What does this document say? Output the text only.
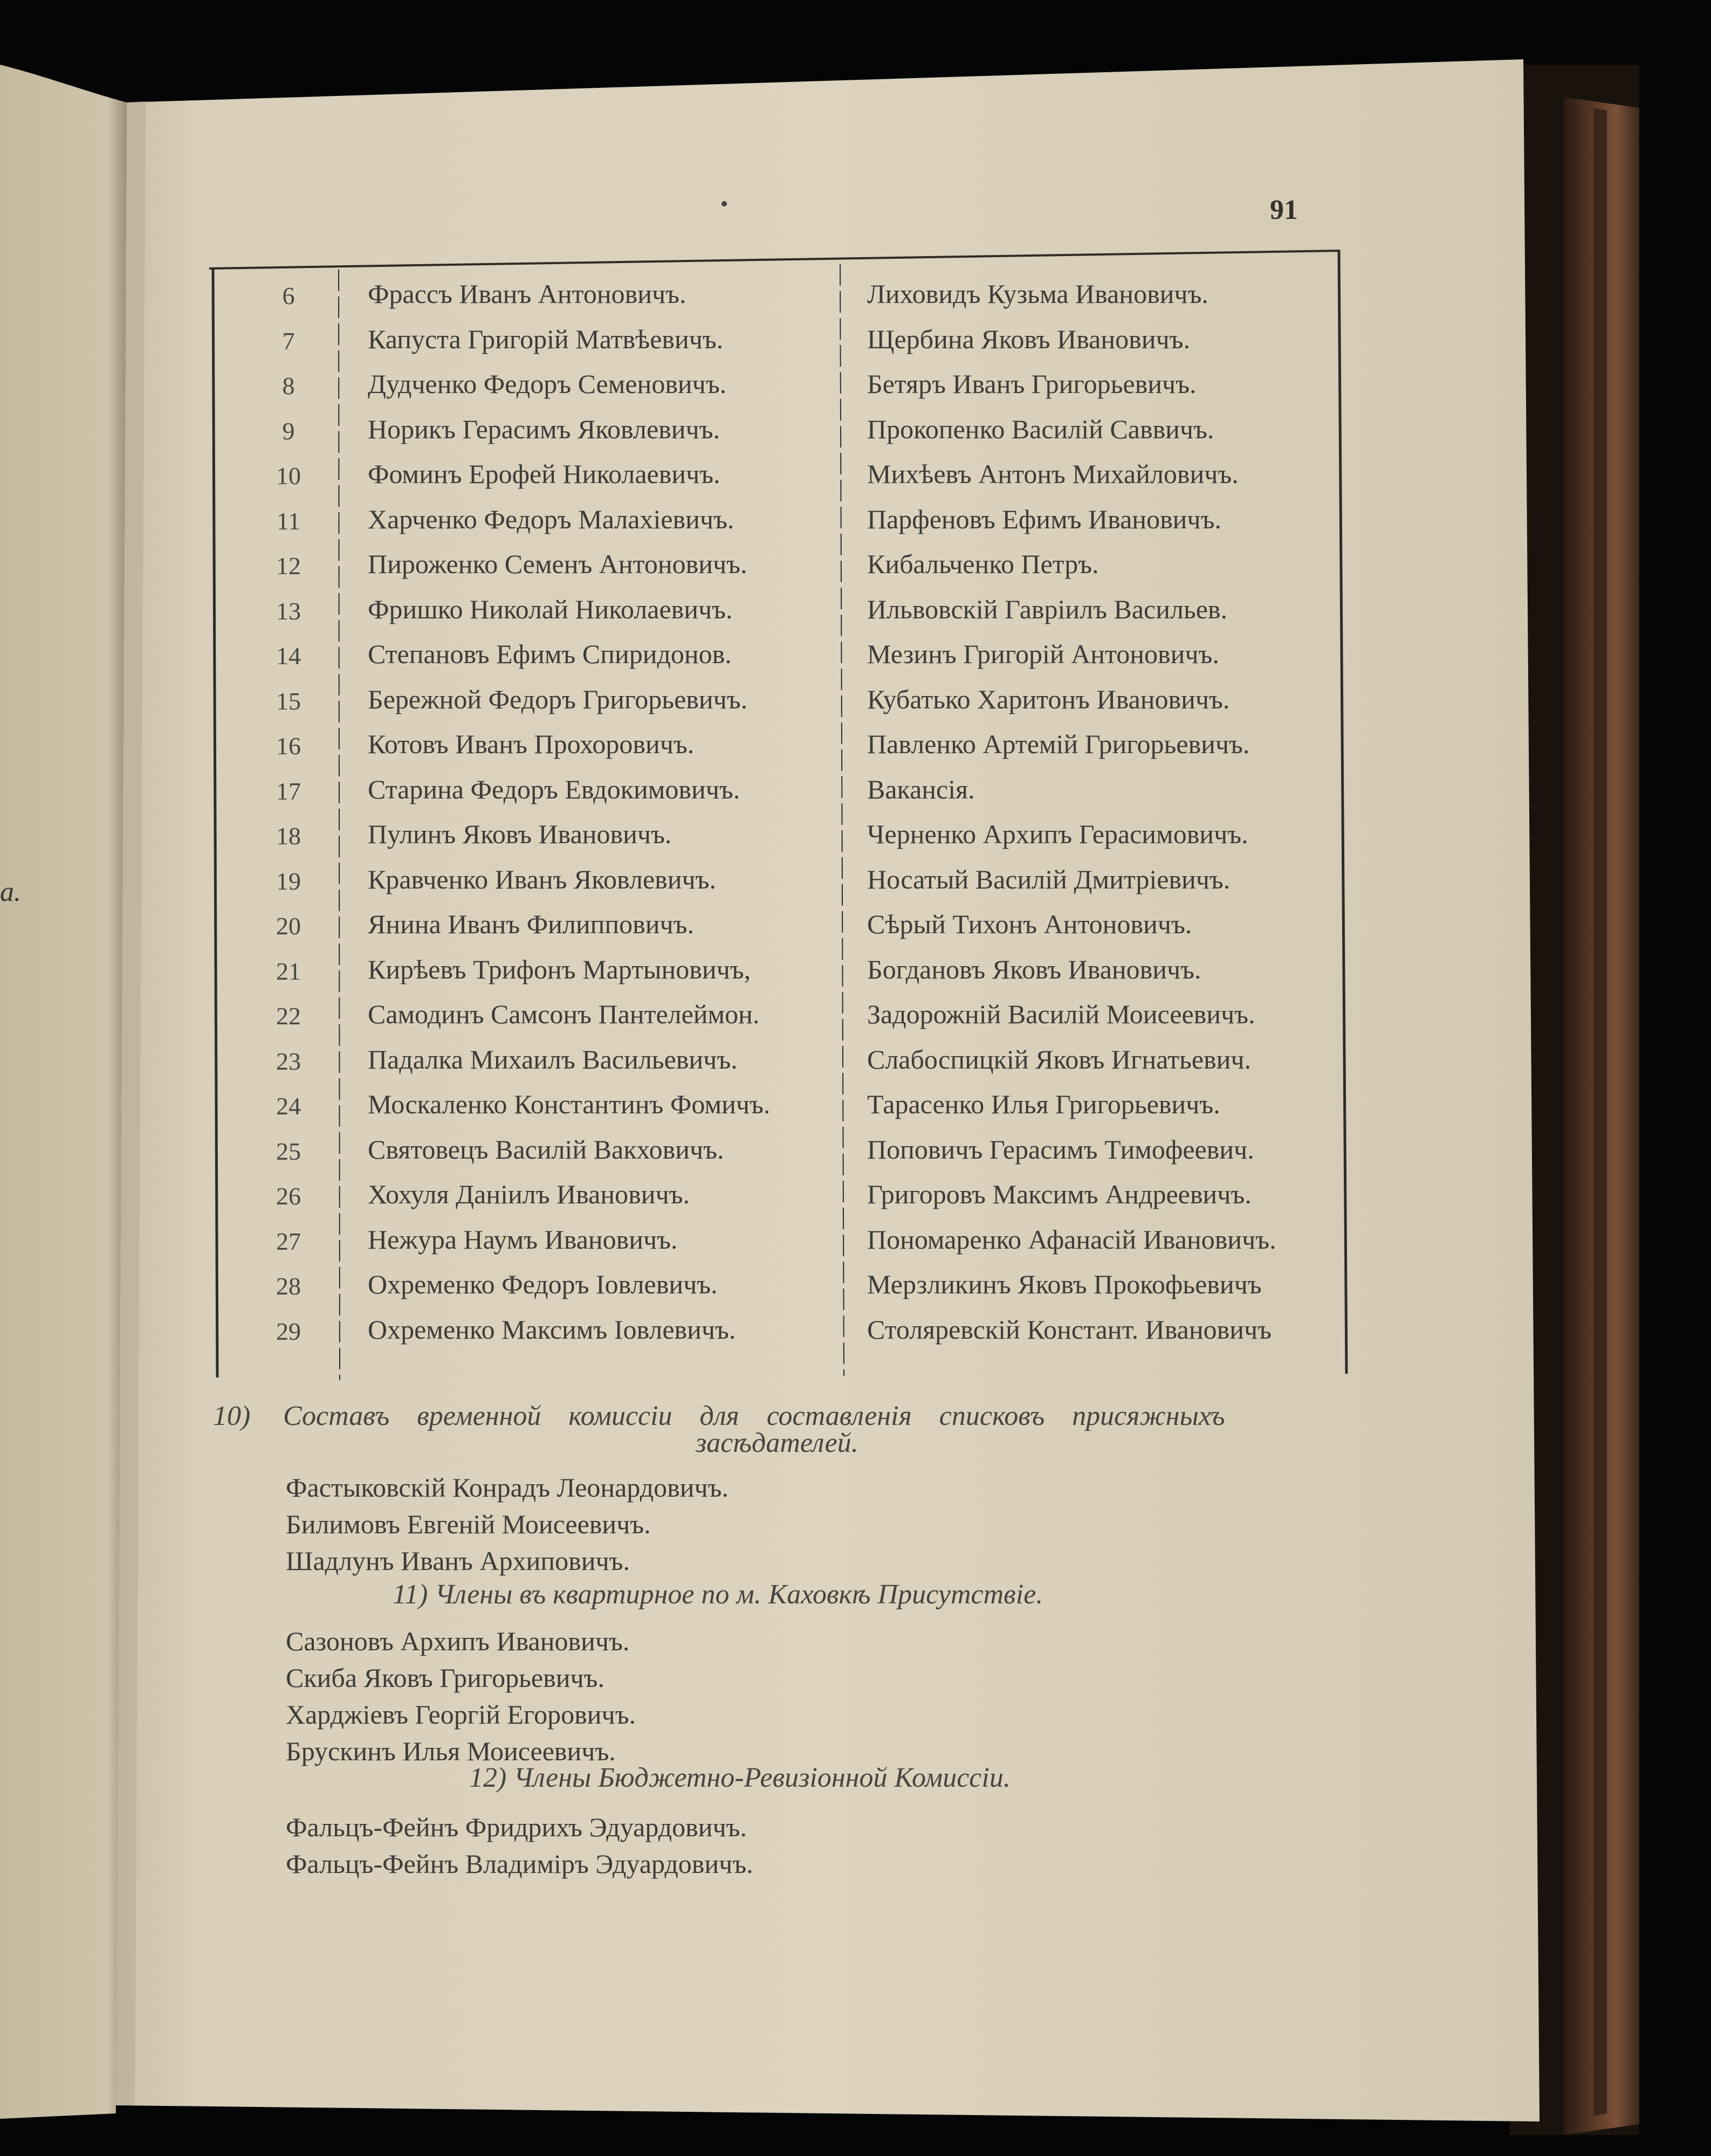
91
a.
6	Фрассъ Иванъ Антоновичъ.	Лиховидъ Кузьма Ивановичъ.
7	Капуста Григорій Матвѣевичъ.	Щербина Яковъ Ивановичъ.
8	Дудченко Федоръ Семеновичъ.	Бетяръ Иванъ Григорьевичъ.
9	Норикъ Герасимъ Яковлевичъ.	Прокопенко Василій Саввичъ.
10	Фоминъ Ерофей Николаевичъ.	Михѣевъ Антонъ Михайловичъ.
11	Харченко Федоръ Малахіевичъ.	Парфеновъ Ефимъ Ивановичъ.
12	Пироженко Семенъ Антоновичъ.	Кибальченко Петръ.
13	Фришко Николай Николаевичъ.	Ильвовскій Гавріилъ Васильев.
14	Степановъ Ефимъ Спиридонов.	Мезинъ Григорій Антоновичъ.
15	Бережной Федоръ Григорьевичъ.	Кубатько Харитонъ Ивановичъ.
16	Котовъ Иванъ Прохоровичъ.	Павленко Артемій Григорьевичъ.
17	Старина Федоръ Евдокимовичъ.	Вакансія.
18	Пулинъ Яковъ Ивановичъ.	Черненко Архипъ Герасимовичъ.
19	Кравченко Иванъ Яковлевичъ.	Носатый Василій Дмитріевичъ.
20	Янина Иванъ Филипповичъ.	Сѣрый Тихонъ Антоновичъ.
21	Кирѣевъ Трифонъ Мартыновичъ,	Богдановъ Яковъ Ивановичъ.
22	Самодинъ Самсонъ Пантелеймон.	Задорожній Василій Моисеевичъ.
23	Падалка Михаилъ Васильевичъ.	Слабоспицкій Яковъ Игнатьевич.
24	Москаленко Константинъ Фомичъ.	Тарасенко Илья Григорьевичъ.
25	Святовецъ Василій Вакховичъ.	Поповичъ Герасимъ Тимофеевич.
26	Хохуля Даніилъ Ивановичъ.	Григоровъ Максимъ Андреевичъ.
27	Нежура Наумъ Ивановичъ.	Пономаренко Афанасій Ивановичъ.
28	Охременко Федоръ Іовлевичъ.	Мерзликинъ Яковъ Прокофьевичъ
29	Охременко Максимъ Іовлевичъ.	Столяревскій Констант. Ивановичъ
10) Составъ временной комиссіи для составленія списковъ присяжныхъ
засѣдателей.
Фастыковскій Конрадъ Леонардовичъ.
Билимовъ Евгеній Моисеевичъ.
Шадлунъ Иванъ Архиповичъ.
11) Члены въ квартирное по м. Каховкѣ Присутствіе.
Сазоновъ Архипъ Ивановичъ.
Скиба Яковъ Григорьевичъ.
Харджіевъ Георгій Егоровичъ.
Брускинъ Илья Моисеевичъ.
12) Члены Бюджетно-Ревизіонной Комиссіи.
Фальцъ-Фейнъ Фридрихъ Эдуардовичъ.
Фальцъ-Фейнъ Владиміръ Эдуардовичъ.
